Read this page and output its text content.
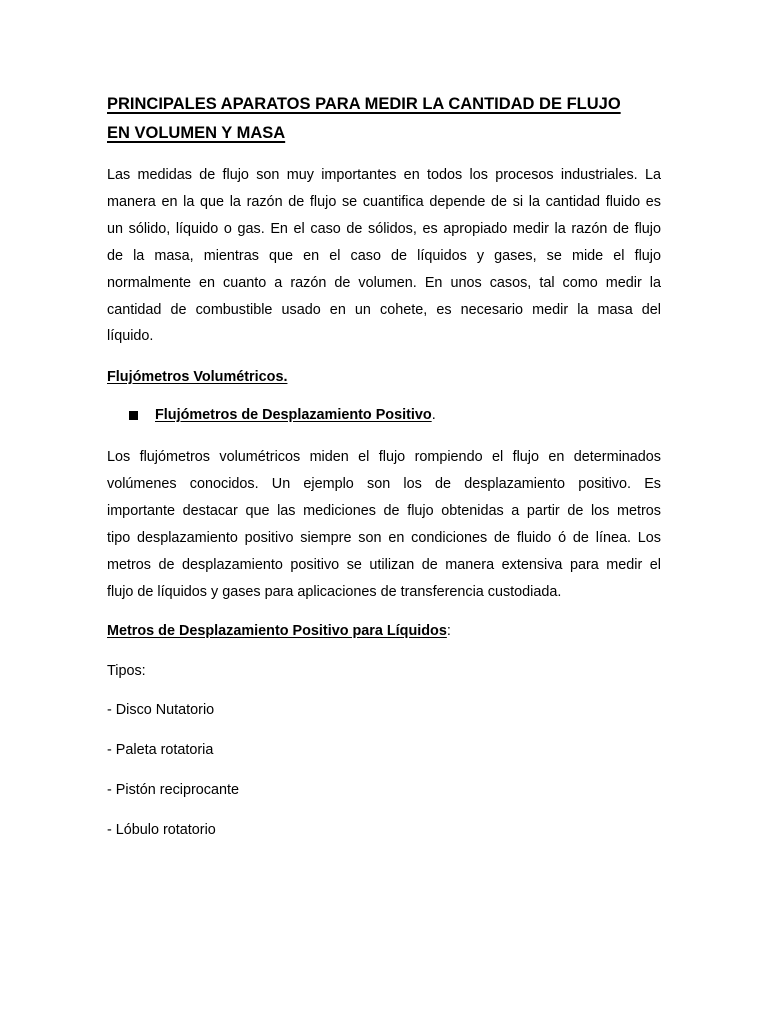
PRINCIPALES APARATOS PARA MEDIR LA CANTIDAD DE FLUJO
EN VOLUMEN Y MASA

Las medidas de flujo son muy importantes en todos los procesos industriales. La
manera en la que la razón de flujo se cuantifica depende de si la cantidad fluido es
un sólido, líquido o gas. En el caso de sólidos, es apropiado medir la razón de flujo
de la masa, mientras que en el caso de líquidos y gases, se mide el flujo
normalmente en cuanto a razón de volumen. En unos casos, tal como medir la
cantidad de combustible usado en un cohete, es necesario medir la masa del
líquido.

Flujómetros Volumétricos.
Flujómetros de Desplazamiento Positivo .

Los flujómetros volumétricos miden el flujo rompiendo el flujo en determinados
volúmenes conocidos. Un ejemplo son los de desplazamiento positivo. Es
importante destacar que las mediciones de flujo obtenidas a partir de los metros
tipo desplazamiento positivo siempre son en condiciones de fluido ó de línea. Los
metros de desplazamiento positivo se utilizan de manera extensiva para medir el
flujo de líquidos y gases para aplicaciones de transferencia custodiada.

Metros de Desplazamiento Positivo para Líquidos:

Tipos:

- Disco Nutatorio

- Paleta rotatoria

- Pistón reciprocante

- Lóbulo rotatorio
